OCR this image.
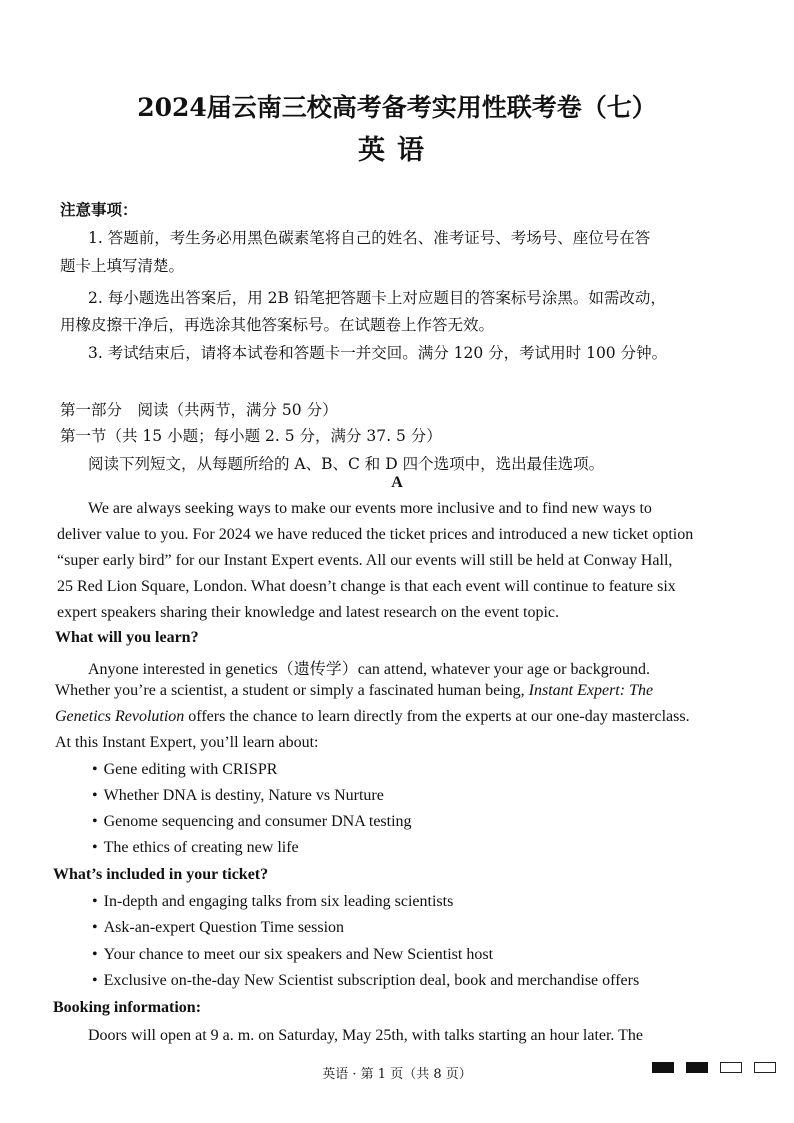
2024届云南三校高考备考实用性联考卷（七）
英语
注意事项：
1. 答题前，考生务必用黑色碳素笔将自己的姓名、准考证号、考场号、座位号在答
题卡上填写清楚。
2. 每小题选出答案后，用 2B 铅笔把答题卡上对应题目的答案标号涂黑。如需改动，
用橡皮擦干净后，再选涂其他答案标号。在试题卷上作答无效。
3. 考试结束后，请将本试卷和答题卡一并交回。满分 120 分，考试用时 100 分钟。
第一部分　阅读（共两节，满分 50 分）
第一节（共 15 小题；每小题 2. 5 分，满分 37. 5 分）
阅读下列短文，从每题所给的 A、B、C 和 D 四个选项中，选出最佳选项。
A
We are always seeking ways to make our events more inclusive and to find new ways to
deliver value to you. For 2024 we have reduced the ticket prices and introduced a new ticket option
“super early bird” for our Instant Expert events. All our events will still be held at Conway Hall,
25 Red Lion Square, London. What doesn’t change is that each event will continue to feature six
expert speakers sharing their knowledge and latest research on the event topic.
What will you learn?
Anyone interested in genetics（遗传学）can attend, whatever your age or background.
Whether you’re a scientist, a student or simply a fascinated human being, Instant Expert: The
Genetics Revolution offers the chance to learn directly from the experts at our one-day masterclass.
At this Instant Expert, you’ll learn about:
• Gene editing with CRISPR
• Whether DNA is destiny, Nature vs Nurture
• Genome sequencing and consumer DNA testing
• The ethics of creating new life
What’s included in your ticket?
• In-depth and engaging talks from six leading scientists
• Ask-an-expert Question Time session
• Your chance to meet our six speakers and New Scientist host
• Exclusive on-the-day New Scientist subscription deal, book and merchandise offers
Booking information:
Doors will open at 9 a. m. on Saturday, May 25th, with talks starting an hour later. The
英语 · 第 1 页（共 8 页）
